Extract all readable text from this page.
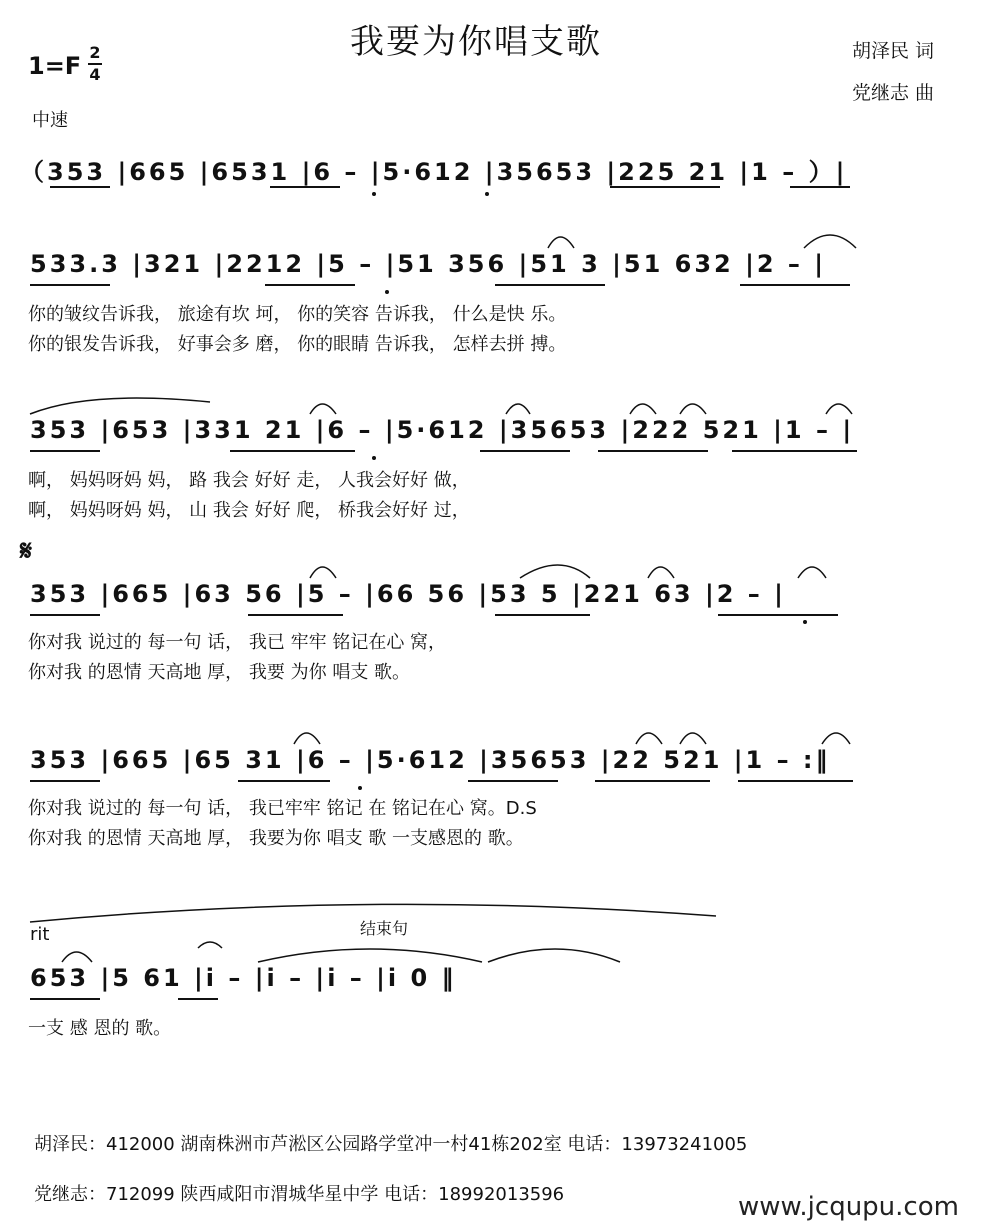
我要为你唱支歌	胡泽民 词
党继志 曲
1=F 2
4
中速
（353 |665 |6531 |6 – |5·612 |35653 |225 21 |1 – ）|
533.3 |321 |2212 |5 – |51 356 |51 3 |51 632 |2 – |
你的皱纹告诉我， 旅途有坎 坷， 你的笑容 告诉我， 什么是快 乐。
你的银发告诉我， 好事会多 磨， 你的眼睛 告诉我， 怎样去拼 搏。
353 |653 |331 21 |6 – |5·612 |35653 |222 521 |1 – |
啊， 妈妈呀妈 妈， 路 我会 好好 走， 人我会好好 做，
啊， 妈妈呀妈 妈， 山 我会 好好 爬， 桥我会好好 过，
𝄋
353 |665 |63 56 |5 – |66 56 |53 5 |221 63 |2 – |
你对我 说过的 每一句 话， 我已 牢牢 铭记在心 窝，
你对我 的恩情 天高地 厚， 我要 为你 唱支 歌。
353 |665 |65 31 |6 – |5·612 |35653 |22 521 |1 – :‖
你对我 说过的 每一句 话， 我已牢牢 铭记 在 铭记在心 窝。D.S
你对我 的恩情 天高地 厚， 我要为你 唱支 歌 一支感恩的 歌。
rit	结束句
653 |5 61 |i – |i – |i – |i 0 ‖
一支 感 恩的 歌。
胡泽民：412000 湖南株洲市芦淞区公园路学堂冲一村41栋202室 电话：13973241005
党继志：712099 陕西咸阳市渭城华星中学 电话：18992013596	www.jcqupu.com
